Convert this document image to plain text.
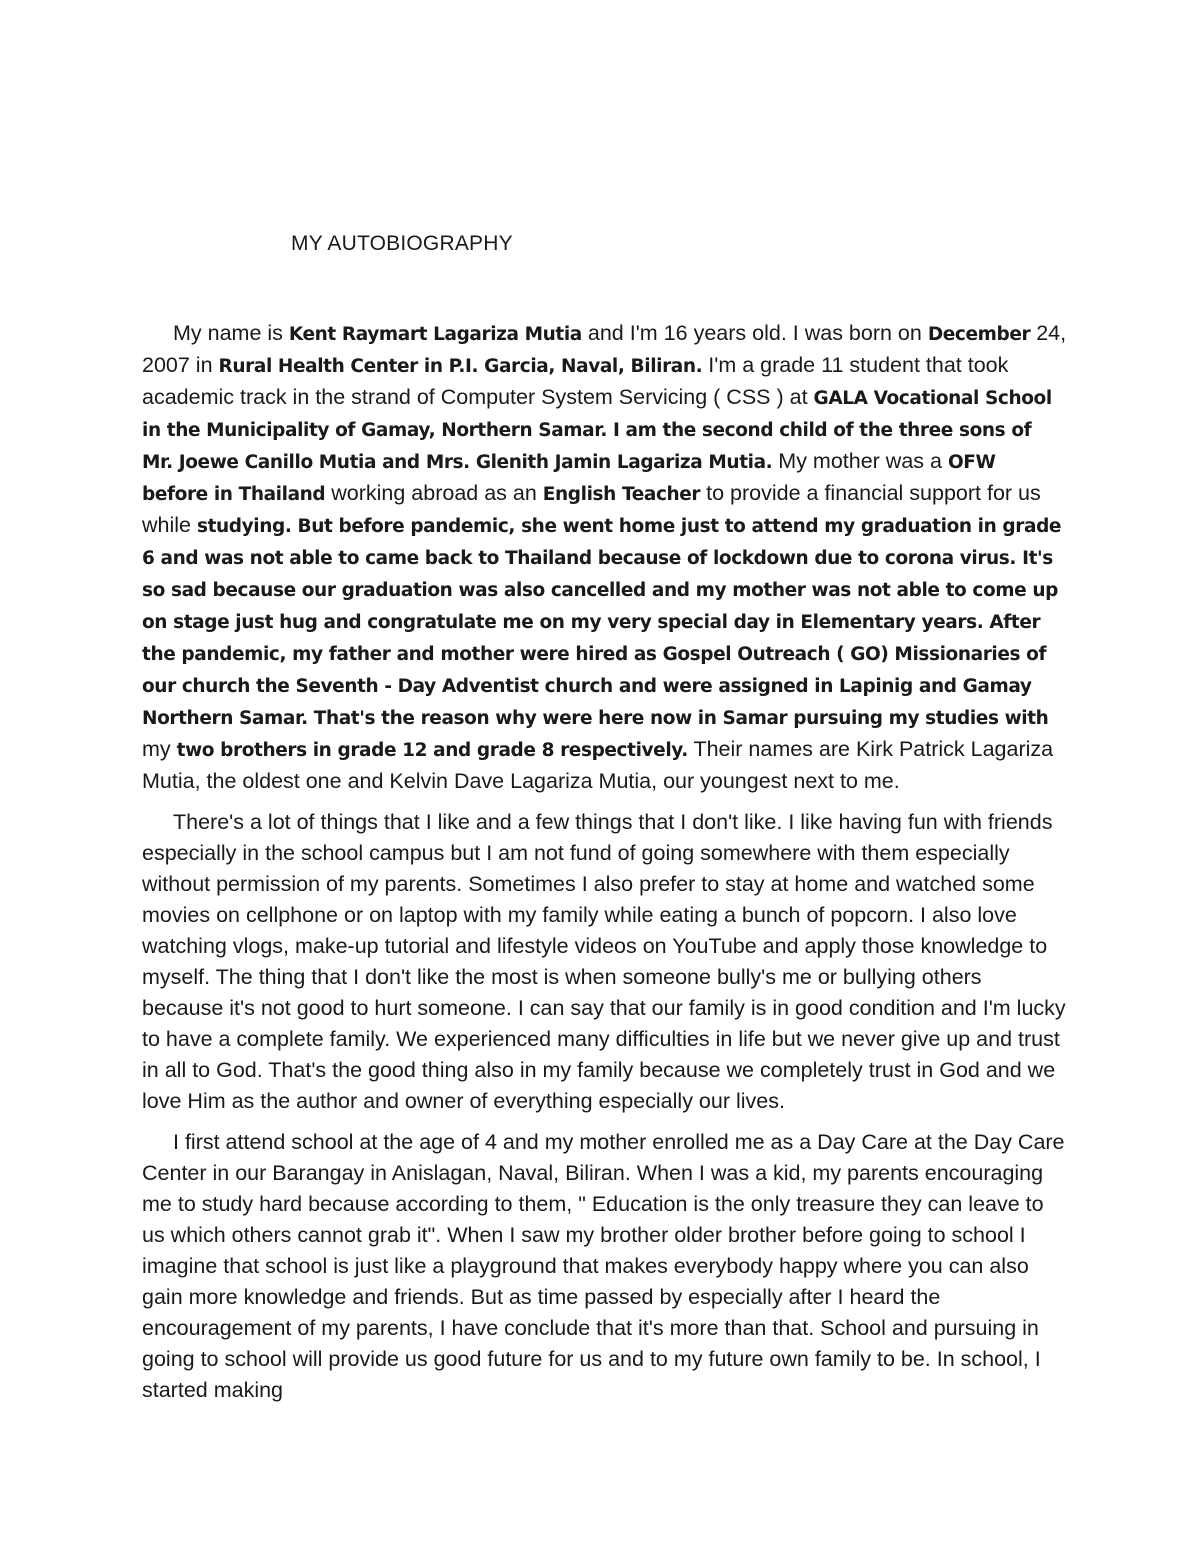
MY AUTOBIOGRAPHY

My name is Kent Raymart Lagariza Mutia and I'm 16 years old. I was born on December 24, 2007 in Rural Health Center in P.I. Garcia, Naval, Biliran. I'm a grade 11 student that took academic track in the strand of Computer System Servicing ( CSS ) at GALA Vocational School in the Municipality of Gamay, Northern Samar. I am the second child of the three sons of Mr. Joewe Canillo Mutia and Mrs. Glenith Jamin Lagariza Mutia. My mother was a OFW before in Thailand working abroad as an English Teacher to provide a financial support for us while studying. But before pandemic, she went home just to attend my graduation in grade 6 and was not able to came back to Thailand because of lockdown due to corona virus. It's so sad because our graduation was also cancelled and my mother was not able to come up on stage just hug and congratulate me on my very special day in Elementary years. After the pandemic, my father and mother were hired as Gospel Outreach ( GO) Missionaries of our church the Seventh - Day Adventist church and were assigned in Lapinig and Gamay Northern Samar. That's the reason why were here now in Samar pursuing my studies with my two brothers in grade 12 and grade 8 respectively. Their names are Kirk Patrick Lagariza Mutia, the oldest one and Kelvin Dave Lagariza Mutia, our youngest next to me.

There's a lot of things that I like and a few things that I don't like. I like having fun with friends especially in the school campus but I am not fund of going somewhere with them especially without permission of my parents. Sometimes I also prefer to stay at home and watched some movies on cellphone or on laptop with my family while eating a bunch of popcorn. I also love watching vlogs, make-up tutorial and lifestyle videos on YouTube and apply those knowledge to myself. The thing that I don't like the most is when someone bully's me or bullying others because it's not good to hurt someone. I can say that our family is in good condition and I'm lucky to have a complete family. We experienced many difficulties in life but we never give up and trust in all to God. That's the good thing also in my family because we completely trust in God and we love Him as the author and owner of everything especially our lives.

I first attend school at the age of 4 and my mother enrolled me as a Day Care at the Day Care Center in our Barangay in Anislagan, Naval, Biliran. When I was a kid, my parents encouraging me to study hard because according to them, " Education is the only treasure they can leave to us which others cannot grab it". When I saw my brother older brother before going to school I imagine that school is just like a playground that makes everybody happy where you can also gain more knowledge and friends. But as time passed by especially after I heard the encouragement of my parents, I have conclude that it's more than that. School and pursuing in going to school will provide us good future for us and to my future own family to be. In school, I started making
